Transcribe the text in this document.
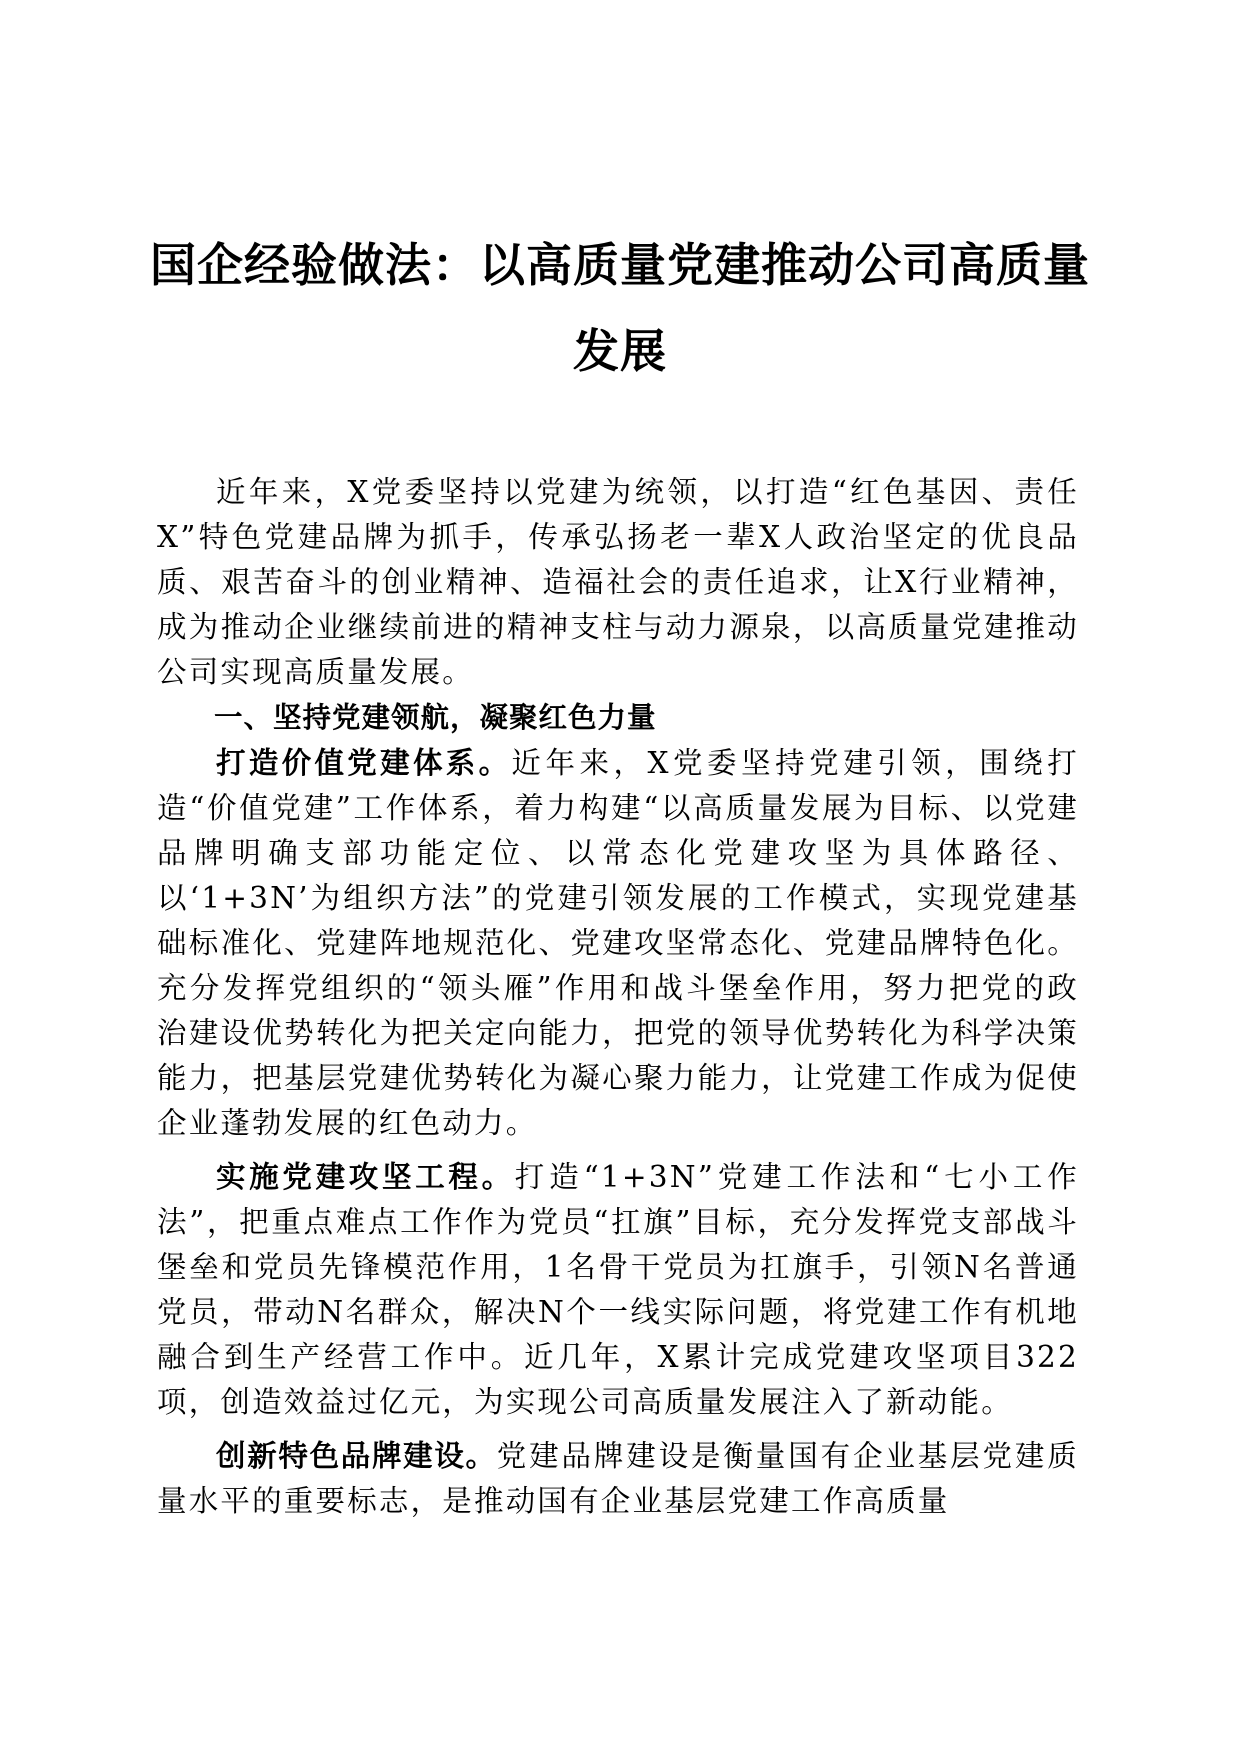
国企经验做法：以高质量党建推动公司高质量发展

近年来，X党委坚持以党建为统领，以打造“红色基因、责任X”特色党建品牌为抓手，传承弘扬老一辈X人政治坚定的优良品质、艰苦奋斗的创业精神、造福社会的责任追求，让X行业精神，成为推动企业继续前进的精神支柱与动力源泉，以高质量党建推动公司实现高质量发展。

一、坚持党建领航，凝聚红色力量

打造价值党建体系。近年来，X党委坚持党建引领，围绕打造“价值党建”工作体系，着力构建“以高质量发展为目标、以党建品牌明确支部功能定位、以常态化党建攻坚为具体路径、以‘1+3N’为组织方法”的党建引领发展的工作模式，实现党建基础标准化、党建阵地规范化、党建攻坚常态化、党建品牌特色化。充分发挥党组织的“领头雁”作用和战斗堡垒作用，努力把党的政治建设优势转化为把关定向能力，把党的领导优势转化为科学决策能力，把基层党建优势转化为凝心聚力能力，让党建工作成为促使企业蓬勃发展的红色动力。

实施党建攻坚工程。打造“1+3N”党建工作法和“七小工作法”，把重点难点工作作为党员“扛旗”目标，充分发挥党支部战斗堡垒和党员先锋模范作用，1名骨干党员为扛旗手，引领N名普通党员，带动N名群众，解决N个一线实际问题，将党建工作有机地融合到生产经营工作中。近几年，X累计完成党建攻坚项目322项，创造效益过亿元，为实现公司高质量发展注入了新动能。

创新特色品牌建设。党建品牌建设是衡量国有企业基层党建质量水平的重要标志，是推动国有企业基层党建工作高质量
